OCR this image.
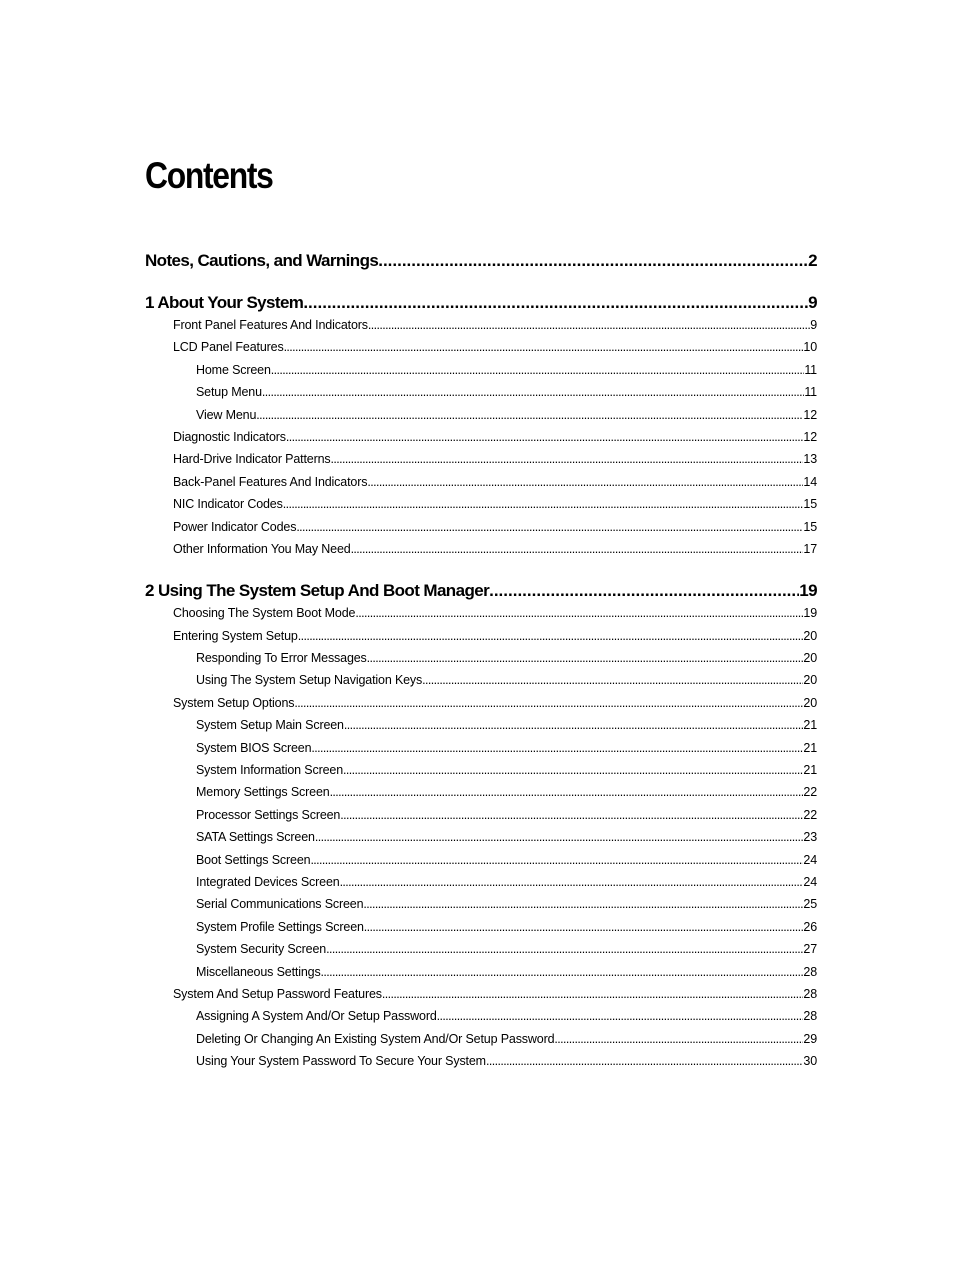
Contents
Notes, Cautions, and Warnings .....	2
1 About Your System .....	9
Front Panel Features And Indicators .....	9
LCD Panel Features .....	10
Home Screen .....	11
Setup Menu .....	11
View Menu .....	12
Diagnostic Indicators .....	12
Hard-Drive Indicator Patterns .....	13
Back-Panel Features And Indicators .....	14
NIC Indicator Codes .....	15
Power Indicator Codes .....	15
Other Information You May Need .....	17
2 Using The System Setup And Boot Manager .....	19
Choosing The System Boot Mode .....	19
Entering System Setup .....	20
Responding To Error Messages .....	20
Using The System Setup Navigation Keys .....	20
System Setup Options .....	20
System Setup Main Screen .....	21
System BIOS Screen .....	21
System Information Screen .....	21
Memory Settings Screen .....	22
Processor Settings Screen .....	22
SATA Settings Screen .....	23
Boot Settings Screen .....	24
Integrated Devices Screen .....	24
Serial Communications Screen .....	25
System Profile Settings Screen .....	26
System Security Screen .....	27
Miscellaneous Settings .....	28
System And Setup Password Features .....	28
Assigning A System And/Or Setup Password .....	28
Deleting Or Changing An Existing System And/Or Setup Password .....	29
Using Your System Password To Secure Your System .....	30
